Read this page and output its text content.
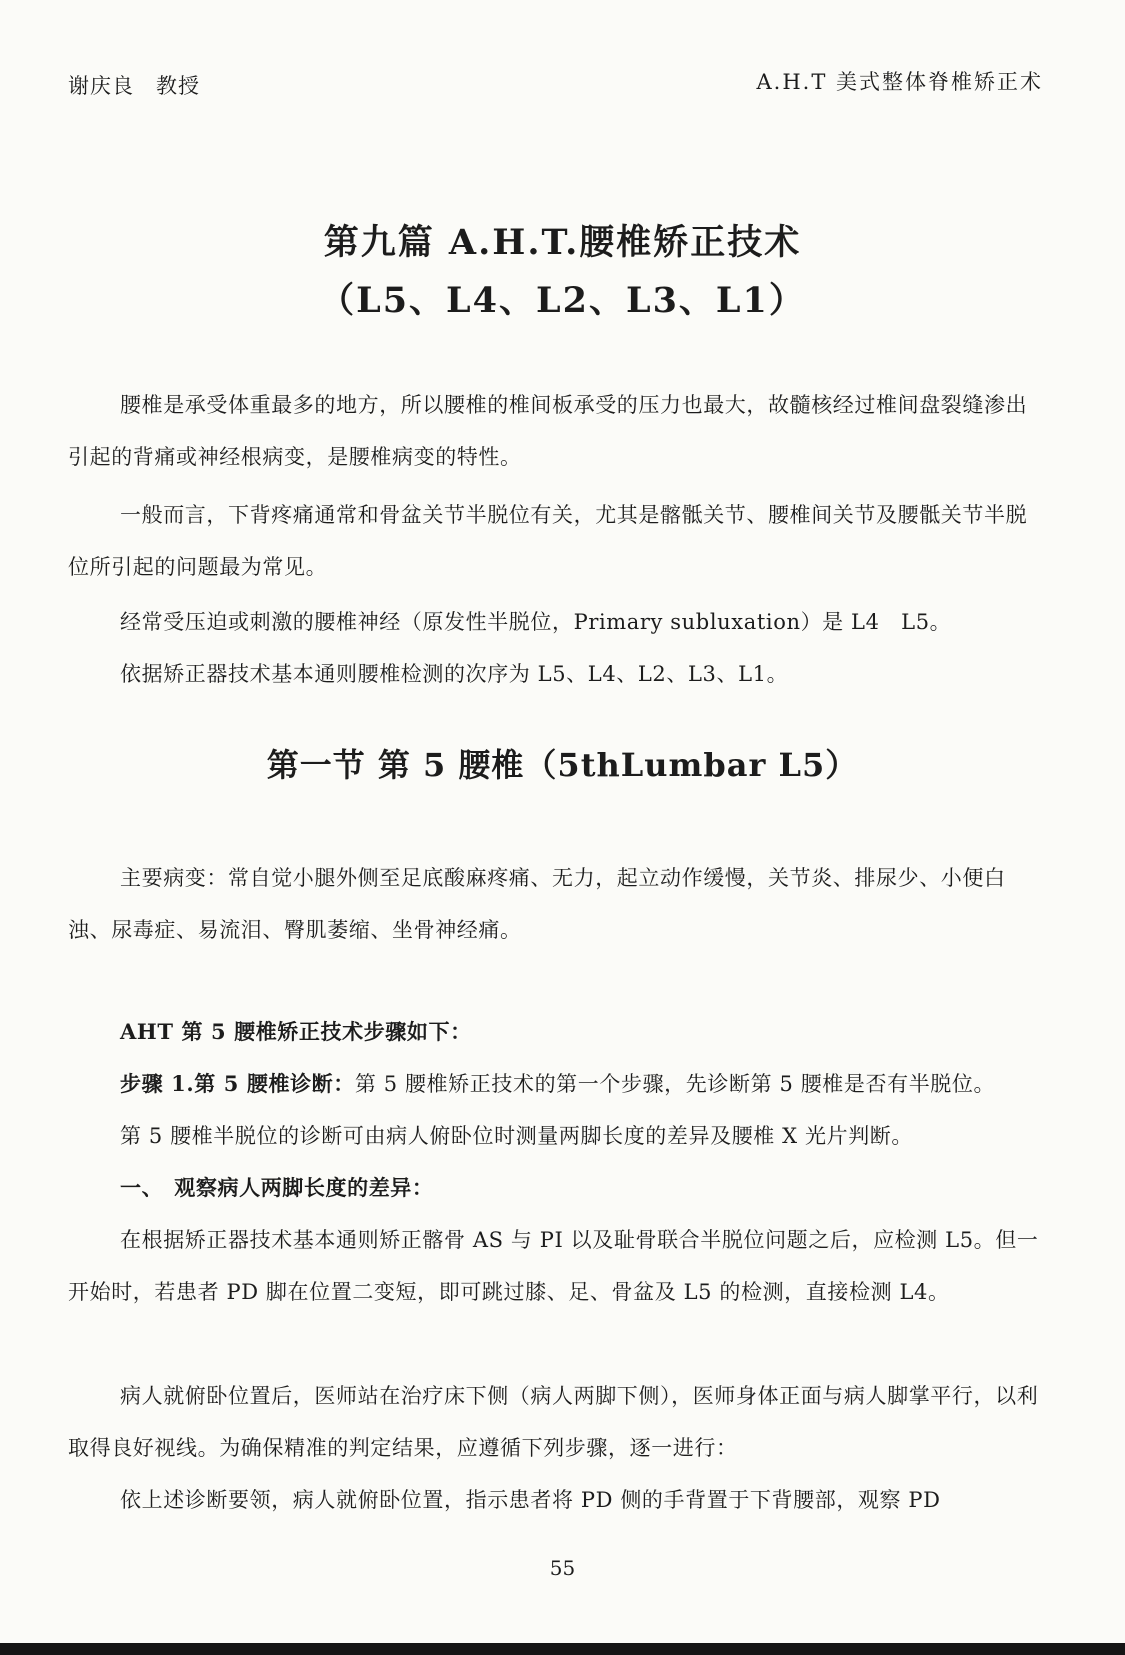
谢庆良　教授	A.H.T 美式整体脊椎矫正术
第九篇 A.H.T.腰椎矫正技术
（L5、L4、L2、L3、L1）
腰椎是承受体重最多的地方，所以腰椎的椎间板承受的压力也最大，故髓核经过椎间盘裂缝渗出引起的背痛或神经根病变，是腰椎病变的特性。
一般而言，下背疼痛通常和骨盆关节半脱位有关，尤其是髂骶关节、腰椎间关节及腰骶关节半脱位所引起的问题最为常见。
经常受压迫或刺激的腰椎神经（原发性半脱位，Primary subluxation）是 L4　L5。
依据矫正器技术基本通则腰椎检测的次序为 L5、L4、L2、L3、L1。
第一节 第 5 腰椎（5thLumbar L5）
主要病变：常自觉小腿外侧至足底酸麻疼痛、无力，起立动作缓慢，关节炎、排尿少、小便白浊、尿毒症、易流泪、臀肌萎缩、坐骨神经痛。
AHT 第 5 腰椎矫正技术步骤如下：
步骤 1.第 5 腰椎诊断：第 5 腰椎矫正技术的第一个步骤，先诊断第 5 腰椎是否有半脱位。
第 5 腰椎半脱位的诊断可由病人俯卧位时测量两脚长度的差异及腰椎 X 光片判断。
一、　观察病人两脚长度的差异：
在根据矫正器技术基本通则矫正髂骨 AS 与 PI 以及耻骨联合半脱位问题之后，应检测 L5。但一开始时，若患者 PD 脚在位置二变短，即可跳过膝、足、骨盆及 L5 的检测，直接检测 L4。
病人就俯卧位置后，医师站在治疗床下侧（病人两脚下侧），医师身体正面与病人脚掌平行，以利取得良好视线。为确保精准的判定结果，应遵循下列步骤，逐一进行：
依上述诊断要领，病人就俯卧位置，指示患者将 PD 侧的手背置于下背腰部，观察 PD
55
